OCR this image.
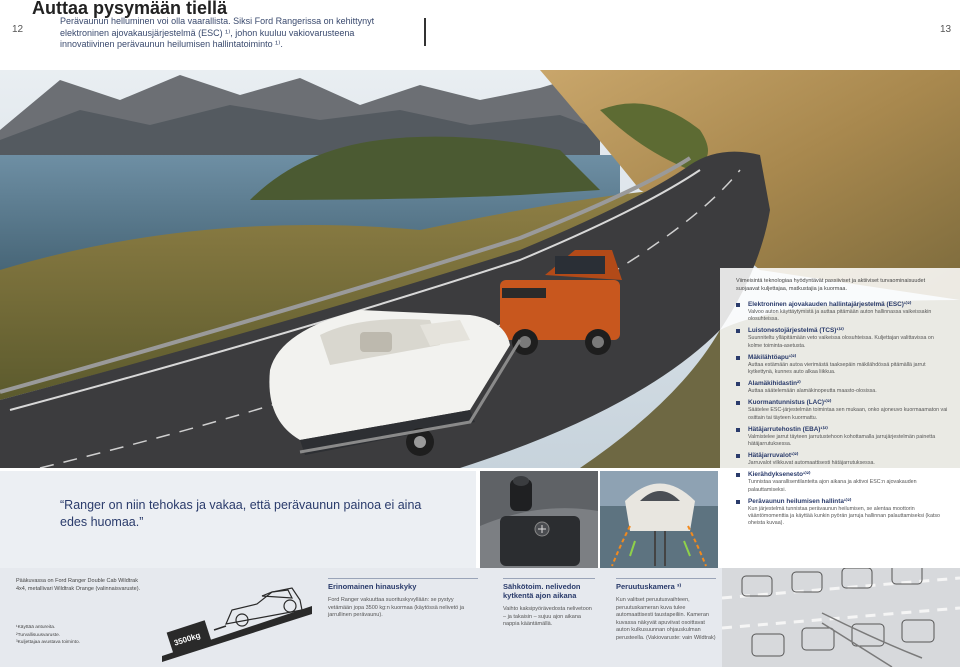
12	13
Auttaa pysymään tiellä
Perävaunun helluminen voi olla vaarallista. Siksi Ford Rangerissa on kehittynyt elektroninen ajovakausjärjestelmä (ESC) ¹⁾, johon kuuluu vakiovarusteena innovatiivinen perävaunun heilumisen hallintatoiminto ¹⁾.
Viimeisintä teknologiaa hyödyntävät passiiviset ja aktiiviset turvaominaisuudet suojaavat kuljettajaa, matkustajia ja kuormaa.
Elektroninen ajovakauden hallintajärjestelmä (ESC)¹⁾²⁾
Valvoo auton käyttäytymistä ja auttaa pitämään auton hallinnassa vaikeissakin olosuhteissa.
Luistonestojärjestelmä (TCS)¹⁾²⁾
Suunniteltu ylläpitämään veto vaikeissa olosuhteissa. Kuljettajan valittavissa on kolme toiminta-asetusta.
Mäkilähtöapu¹⁾²⁾
Auttaa estämään autoa vierimästä taaksepäin mäkilähdössä pitämällä jarrut kytkettynä, kunnes auto alkaa liikkua.
Alamäkihidastin²⁾
Auttaa säätelemään alamäkinopeutta maasto-olosissa.
Kuormantunnistus (LAC)¹⁾²⁾
Säätelee ESC-järjestelmän toimintaa sen mukaan, onko ajoneuvo kuormaamaton vai osittain tai täyteen kuormattu.
Hätäjarrutehostin (EBA)¹⁾²⁾
Valmistelee jarrut täyteen jarrutustehoon kohottamalla jarrujärjestelmän painetta hätäjarrutuksessa.
Hätäjarruvalot¹⁾²⁾
Jarruvalot vilkkuvat automaattisesti hätäjarrutuksessa.
Kierähdyksenesto¹⁾²⁾
Tunnistaa vaarallisentilanteita ajon aikana ja aktivoi ESC:n ajovakauden palauttamiseksi.
Perävaunun heilumisen hallinta¹⁾²⁾
Kun järjestelmä tunnistaa perävaunun heilumisen, se alentaa moottorin vääntömomenttia ja käyttää kunkin pyörän jarruja hallinnan palauttamiseksi (katso oheista kuvaa).
“Ranger on niin tehokas ja vakaa, että perävaunun painoa ei aina edes huomaa.”
Pääkuvassa on Ford Ranger Double Cab Wildtrak 4x4, metallivari Wildtrak Orange (valinnaisvaruste).
¹Käyttää antureita.
²Turvallisuusvaruste.
³Kuljettajaa avustava toiminto.	3500kg
Erinomainen hinauskyky
Ford Ranger vakuuttaa suorituskyvyllään: se pystyy vetämään jopa 3500 kg:n kuormaa (käytössä nelivetö ja jarrullinen perävaunu).
Sähkötoim. nelivedon kytkentä ajon aikana
Vaihto kaksipyörävedosta nelivetoon – ja takaisin – sujuu ajon aikana nappia kääntämällä.
Peruutuskamera ³⁾
Kun valitset peruutusvaihteen, peruutuskameran kuva tulee automaattisesti taustapeiliin. Kameran kuvassa näkyvät apuviivat osoittavat auton kulkusuunnan ohjauskulman perusteella. (Vakiovaruste: vain Wildtrak)
